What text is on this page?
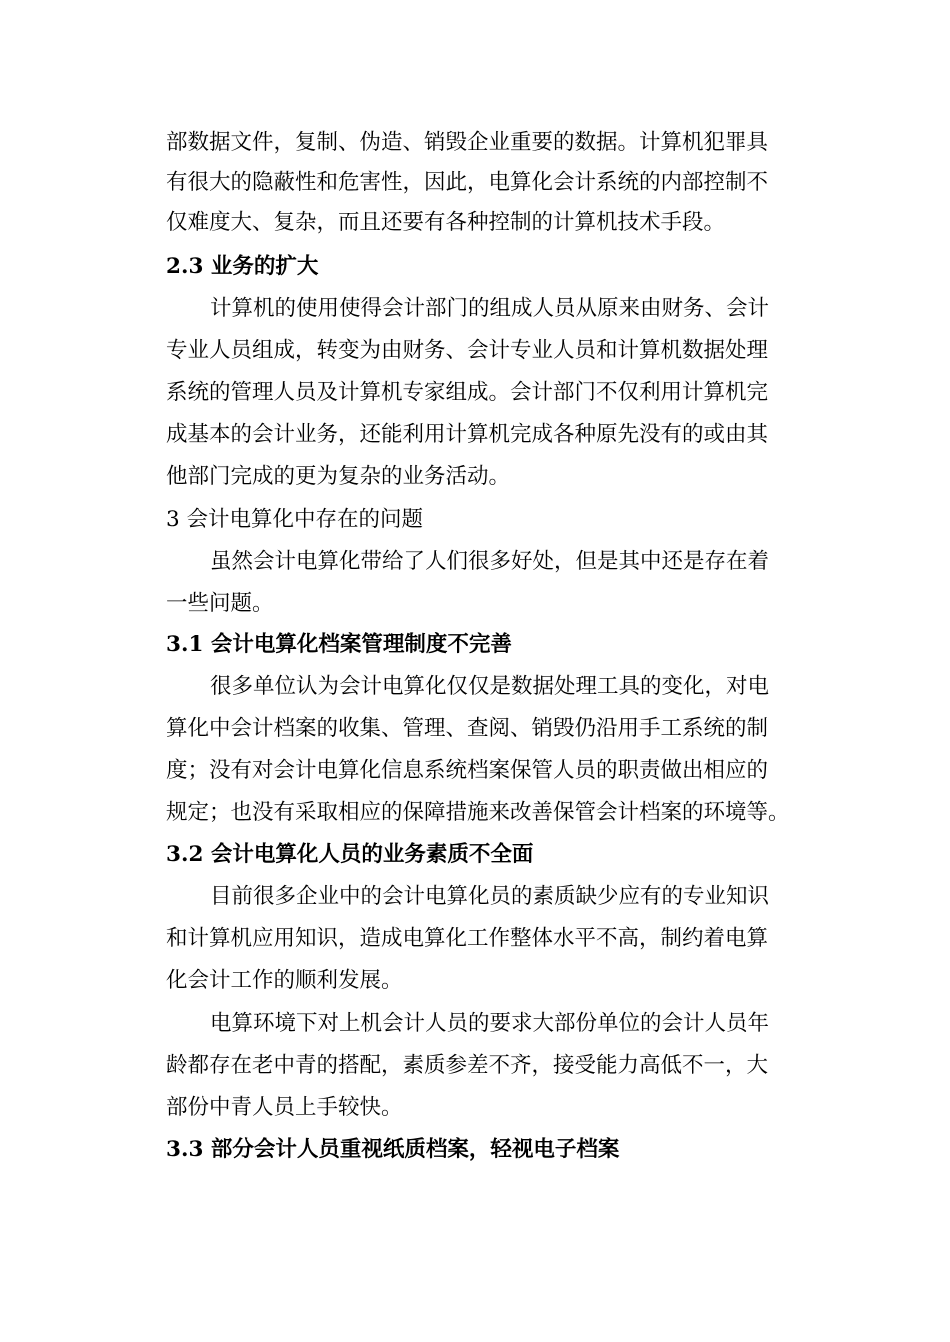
部数据文件，复制、伪造、销毁企业重要的数据。计算机犯罪具
有很大的隐蔽性和危害性，因此，电算化会计系统的内部控制不
仅难度大、复杂，而且还要有各种控制的计算机技术手段。
2.3 业务的扩大
计算机的使用使得会计部门的组成人员从原来由财务、会计
专业人员组成，转变为由财务、会计专业人员和计算机数据处理
系统的管理人员及计算机专家组成。会计部门不仅利用计算机完
成基本的会计业务，还能利用计算机完成各种原先没有的或由其
他部门完成的更为复杂的业务活动。
3 会计电算化中存在的问题
虽然会计电算化带给了人们很多好处，但是其中还是存在着
一些问题。
3.1 会计电算化档案管理制度不完善
很多单位认为会计电算化仅仅是数据处理工具的变化，对电
算化中会计档案的收集、管理、查阅、销毁仍沿用手工系统的制
度；没有对会计电算化信息系统档案保管人员的职责做出相应的
规定；也没有采取相应的保障措施来改善保管会计档案的环境等。
3.2 会计电算化人员的业务素质不全面
目前很多企业中的会计电算化员的素质缺少应有的专业知识
和计算机应用知识，造成电算化工作整体水平不高，制约着电算
化会计工作的顺利发展。
电算环境下对上机会计人员的要求大部份单位的会计人员年
龄都存在老中青的搭配，素质参差不齐，接受能力高低不一，大
部份中青人员上手较快。
3.3 部分会计人员重视纸质档案，轻视电子档案
